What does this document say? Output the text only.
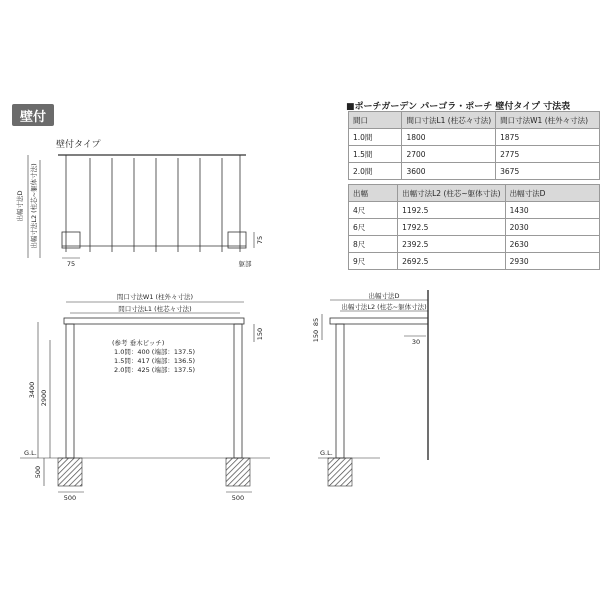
壁付
壁付タイプ
■ポーチガーデン パーゴラ・ポーチ 壁付タイプ 寸法表
間口	間口寸法L1 (柱芯々寸法)	間口寸法W1 (柱外々寸法)
1.0間	1800	1875
1.5間	2700	2775
2.0間	3600	3675
出幅	出幅寸法L2 (柱芯~躯体寸法)	出幅寸法D
4尺	1192.5	1430
6尺	1792.5	2030
8尺	2392.5	2630
9尺	2692.5	2930
出幅寸法D 出幅寸法L2 (柱芯~躯体寸法)	75
75	躯部
間口寸法W1 (柱外々寸法)
間口寸法L1 (柱芯々寸法)
150
3400 2900
500
500	500
G.L.
(参考 垂木ピッチ)
1.0間：400 (端部：137.5)
1.5間：417 (端部：136.5)
2.0間：425 (端部：137.5)
出幅寸法D
出幅寸法L2 (柱芯~躯体寸法)
85
150	30
G.L.
